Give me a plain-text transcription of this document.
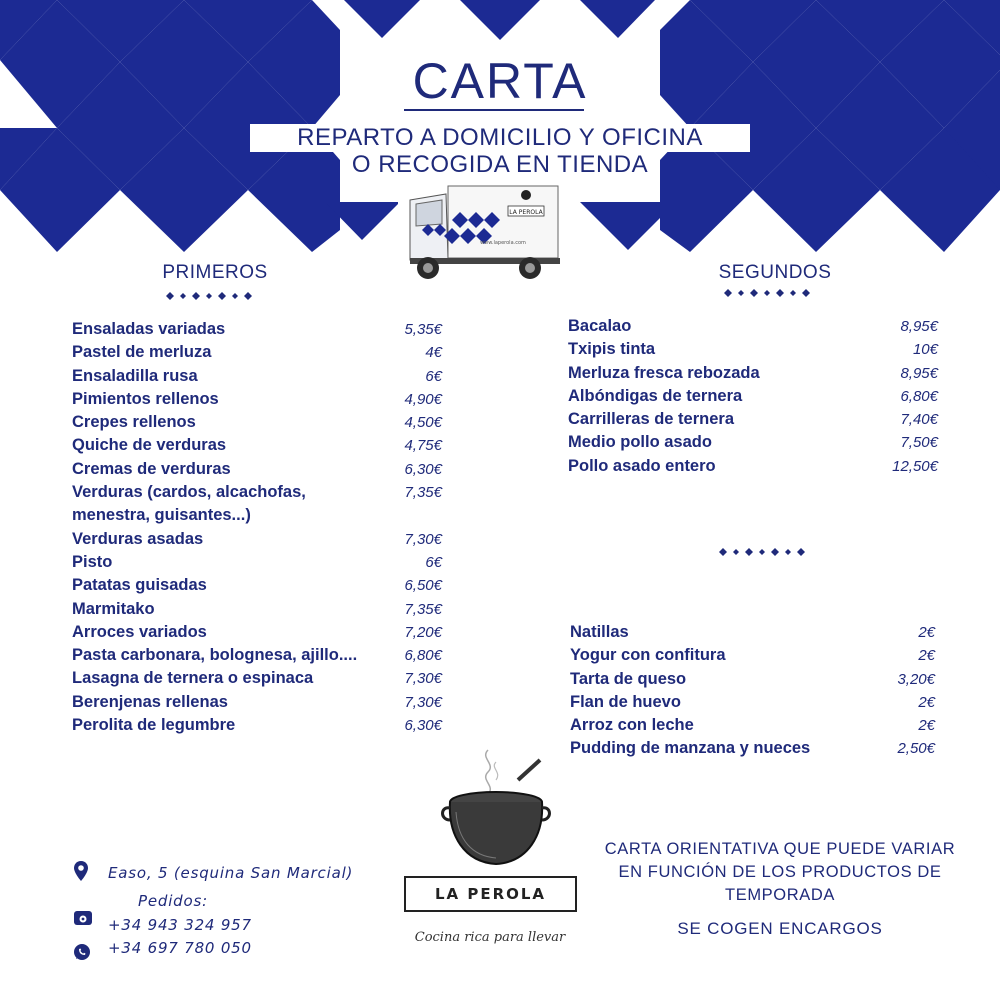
CARTA
REPARTO A DOMICILIO Y OFICINA
O RECOGIDA EN TIENDA
LA PEROLA
www.laperola.com
PRIMEROS
Ensaladas variadas	5,35€
Pastel de merluza	4€
Ensaladilla rusa	6€
Pimientos rellenos	4,90€
Crepes rellenos	4,50€
Quiche de verduras	4,75€
Cremas de verduras	6,30€
Verduras (cardos, alcachofas,	7,35€
menestra, guisantes...)
Verduras asadas	7,30€
Pisto	6€
Patatas guisadas	6,50€
Marmitako	7,35€
Arroces variados	7,20€
Pasta carbonara, bolognesa, ajillo....	6,80€
Lasagna de ternera o espinaca	7,30€
Berenjenas rellenas	7,30€
Perolita de legumbre	6,30€
SEGUNDOS
Bacalao	8,95€
Txipis tinta	10€
Merluza fresca rebozada	8,95€
Albóndigas de ternera	6,80€
Carrilleras de ternera	7,40€
Medio pollo asado	7,50€
Pollo asado entero	12,50€
Natillas	2€
Yogur con confitura	2€
Tarta de queso	3,20€
Flan de huevo	2€
Arroz con leche	2€
Pudding de manzana y nueces	2,50€
LA PEROLA
Cocina rica para llevar
Easo, 5 (esquina San Marcial)
Pedidos:
+34 943 324 957
+34 697 780 050
CARTA ORIENTATIVA QUE PUEDE VARIAR
EN FUNCIÓN DE LOS PRODUCTOS DE
TEMPORADA
SE COGEN ENCARGOS
